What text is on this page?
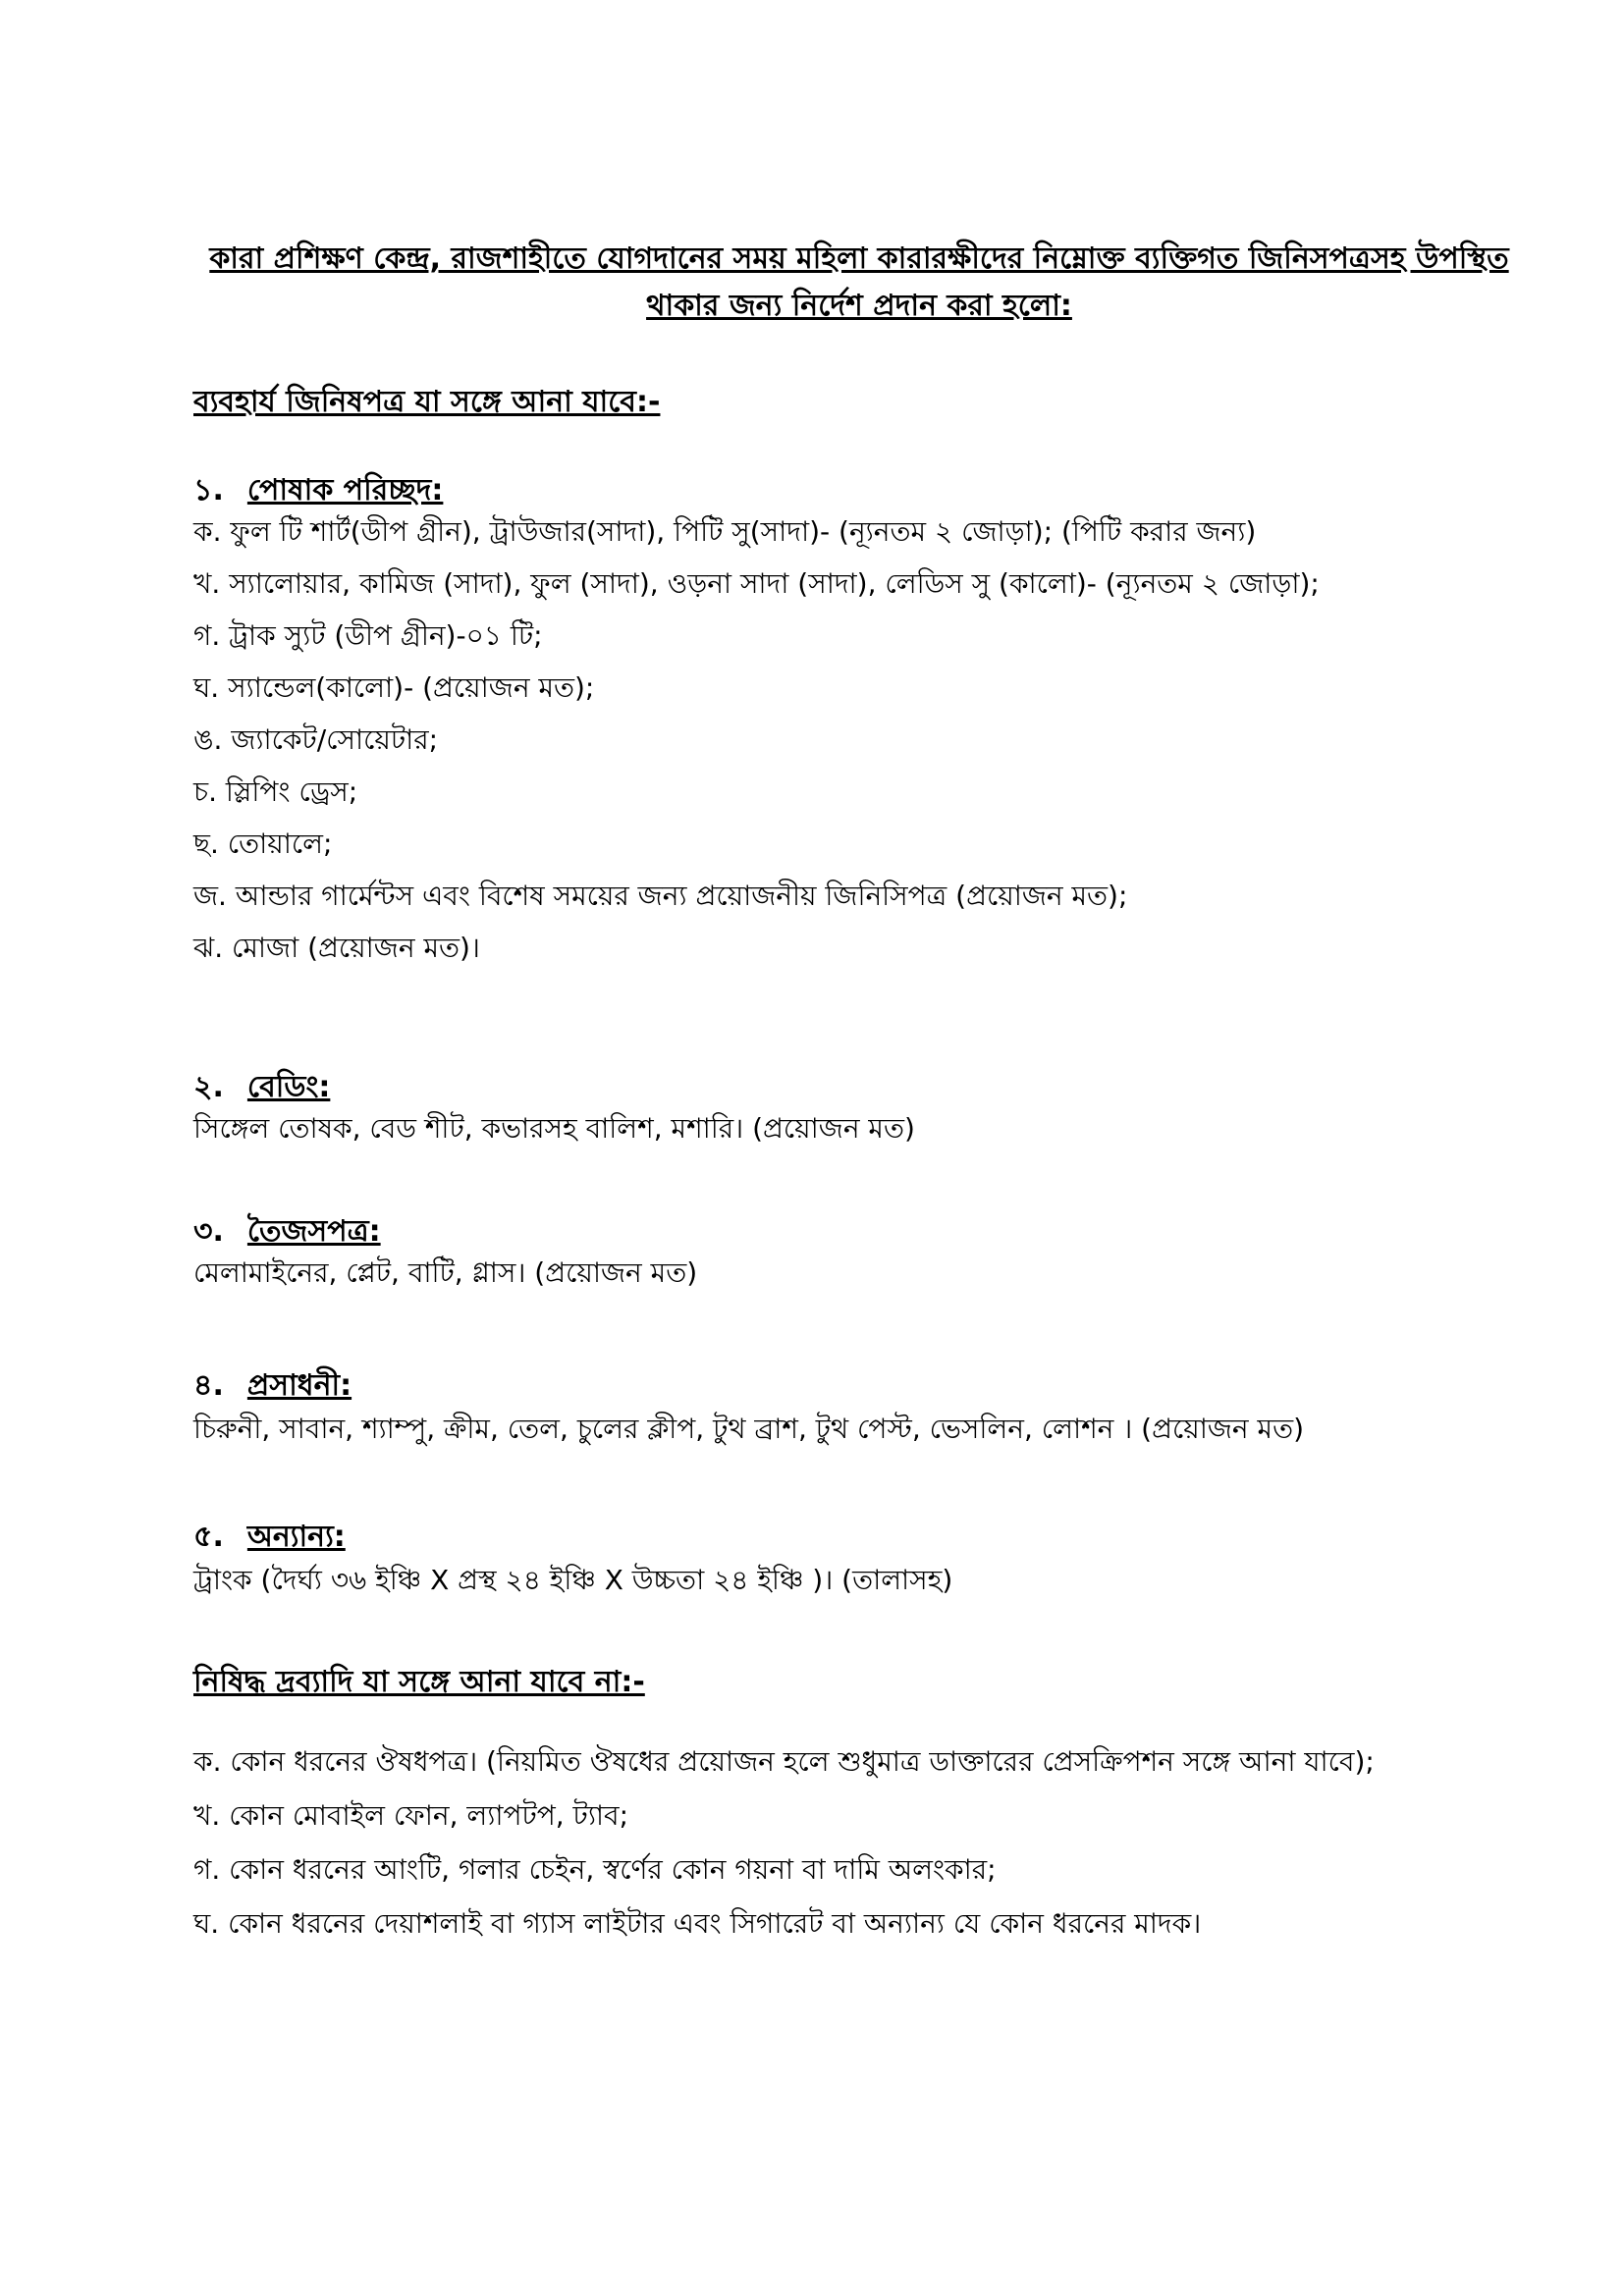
কারা প্রশিক্ষণ কেন্দ্র, রাজশাহীতে যোগদানের সময় মহিলা কারারক্ষীদের নিম্নোক্ত ব্যক্তিগত জিনিসপত্রসহ উপস্থিত
থাকার জন্য নির্দেশ প্রদান করা হলো:
ব্যবহার্য জিনিষপত্র যা সঙ্গে আনা যাবে:-
১. পোষাক পরিচ্ছদ:
ক. ফুল টি শার্ট(ডীপ গ্রীন), ট্রাউজার(সাদা), পিটি সু(সাদা)- (ন্যূনতম ২ জোড়া); (পিটি করার জন্য)
খ. স্যালোয়ার, কামিজ (সাদা), ফুল (সাদা), ওড়না সাদা (সাদা), লেডিস সু (কালো)- (ন্যূনতম ২ জোড়া);
গ. ট্রাক স্যুট (ডীপ গ্রীন)-০১ টি;
ঘ. স্যান্ডেল(কালো)- (প্রয়োজন মত);
ঙ. জ্যাকেট/সোয়েটার;
চ. স্লিপিং ড্রেস;
ছ. তোয়ালে;
জ. আন্ডার গার্মেন্টস এবং বিশেষ সময়ের জন্য প্রয়োজনীয় জিনিসিপত্র (প্রয়োজন মত);
ঝ. মোজা (প্রয়োজন মত)।
২. বেডিং:
সিঙ্গেল তোষক, বেড শীট, কভারসহ বালিশ, মশারি। (প্রয়োজন মত)
৩. তৈজসপত্র:
মেলামাইনের, প্লেট, বাটি, গ্লাস। (প্রয়োজন মত)
৪. প্রসাধনী:
চিরুনী, সাবান, শ্যাম্পু, ক্রীম, তেল, চুলের ক্লীপ, টুথ ব্রাশ, টুথ পেস্ট, ভেসলিন, লোশন । (প্রয়োজন মত)
৫. অন্যান্য:
ট্রাংক (দৈর্ঘ্য ৩৬ ইঞ্চি X প্রস্থ ২৪ ইঞ্চি X উচ্চতা ২৪ ইঞ্চি )। (তালাসহ)
নিষিদ্ধ দ্রব্যাদি যা সঙ্গে আনা যাবে না:-
ক. কোন ধরনের ঔষধপত্র। (নিয়মিত ঔষধের প্রয়োজন হলে শুধুমাত্র ডাক্তারের প্রেসক্রিপশন সঙ্গে আনা যাবে);
খ. কোন মোবাইল ফোন, ল্যাপটপ, ট্যাব;
গ. কোন ধরনের আংটি, গলার চেইন, স্বর্ণের কোন গয়না বা দামি অলংকার;
ঘ. কোন ধরনের দেয়াশলাই বা গ্যাস লাইটার এবং সিগারেট বা অন্যান্য যে কোন ধরনের মাদক।
